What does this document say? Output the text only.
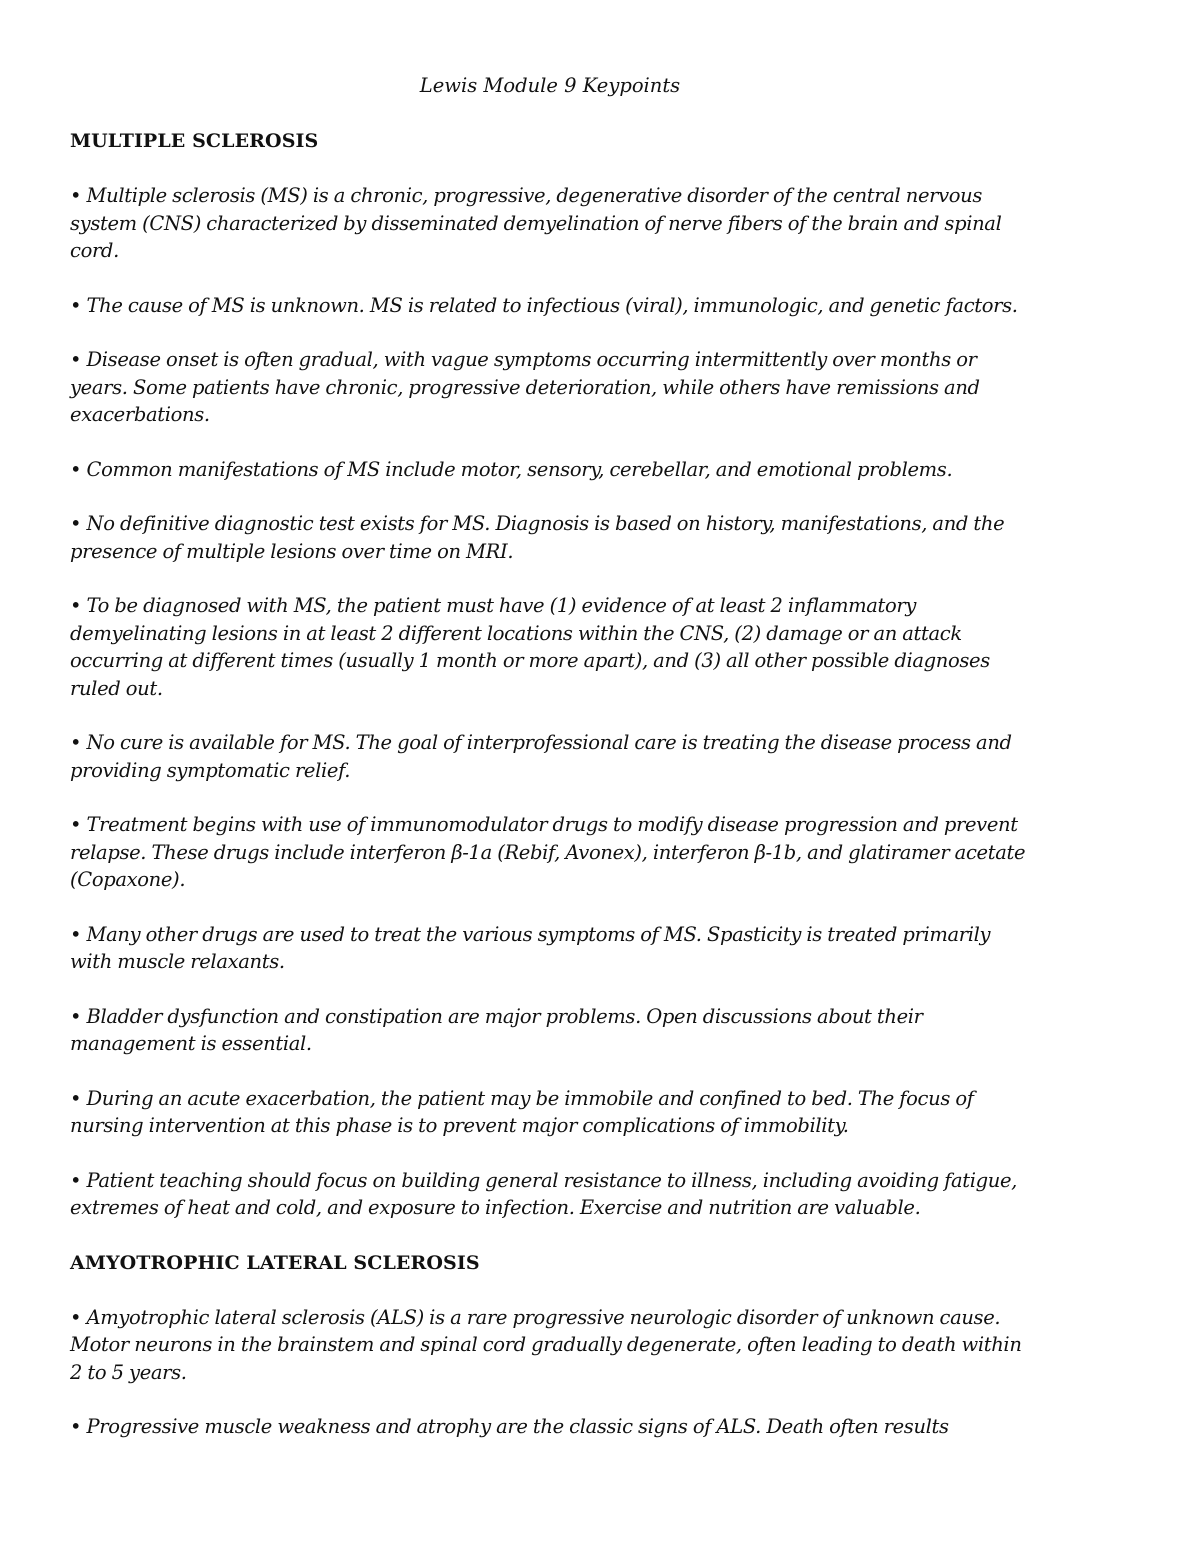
Lewis Module 9 Keypoints
MULTIPLE SCLEROSIS
• Multiple sclerosis (MS) is a chronic, progressive, degenerative disorder of the central nervous system (CNS) characterized by disseminated demyelination of nerve fibers of the brain and spinal cord.
• The cause of MS is unknown. MS is related to infectious (viral), immunologic, and genetic factors.
• Disease onset is often gradual, with vague symptoms occurring intermittently over months or years. Some patients have chronic, progressive deterioration, while others have remissions and exacerbations.
• Common manifestations of MS include motor, sensory, cerebellar, and emotional problems.
• No definitive diagnostic test exists for MS. Diagnosis is based on history, manifestations, and the presence of multiple lesions over time on MRI.
• To be diagnosed with MS, the patient must have (1) evidence of at least 2 inflammatory demyelinating lesions in at least 2 different locations within the CNS, (2) damage or an attack occurring at different times (usually 1 month or more apart), and (3) all other possible diagnoses ruled out.
• No cure is available for MS. The goal of interprofessional care is treating the disease process and providing symptomatic relief.
• Treatment begins with use of immunomodulator drugs to modify disease progression and prevent relapse. These drugs include interferon β-1a (Rebif, Avonex), interferon β-1b, and glatiramer acetate (Copaxone).
• Many other drugs are used to treat the various symptoms of MS. Spasticity is treated primarily with muscle relaxants.
• Bladder dysfunction and constipation are major problems. Open discussions about their management is essential.
• During an acute exacerbation, the patient may be immobile and confined to bed. The focus of nursing intervention at this phase is to prevent major complications of immobility.
• Patient teaching should focus on building general resistance to illness, including avoiding fatigue, extremes of heat and cold, and exposure to infection. Exercise and nutrition are valuable.
AMYOTROPHIC LATERAL SCLEROSIS
• Amyotrophic lateral sclerosis (ALS) is a rare progressive neurologic disorder of unknown cause. Motor neurons in the brainstem and spinal cord gradually degenerate, often leading to death within 2 to 5 years.
• Progressive muscle weakness and atrophy are the classic signs of ALS. Death often results
